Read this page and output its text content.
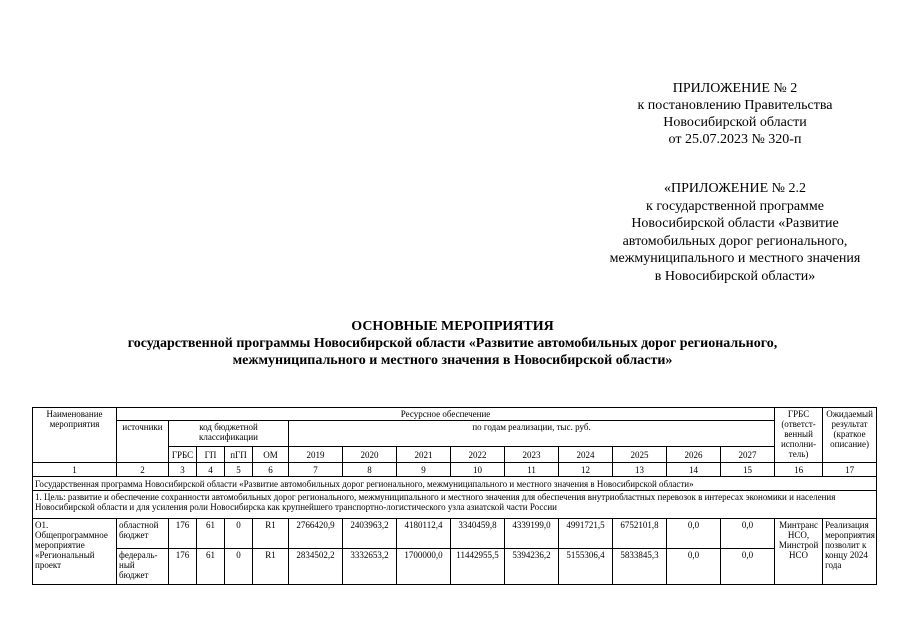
ПРИЛОЖЕНИЕ № 2
к постановлению Правительства
Новосибирской области
от 25.07.2023 № 320-п
«ПРИЛОЖЕНИЕ № 2.2
к государственной программе
Новосибирской области «Развитие
автомобильных дорог регионального,
межмуниципального и местного значения
в Новосибирской области»
ОСНОВНЫЕ МЕРОПРИЯТИЯ
государственной программы Новосибирской области «Развитие автомобильных дорог регионального,
межмуниципального и местного значения в Новосибирской области»
Наименование мероприятия	Ресурсное обеспечение														ГРБС (ответст-венный исполни-тель)	Ожидаемый результат (краткое описание)
	источники	код бюджетной классификации				по годам реализации, тыс. руб.										
		ГРБС	ГП	пГП	ОМ	2019	2020	2021	2022	2023	2024	2025	2026	2027		
1	2	3	4	5	6	7	8	9	10	11	12	13	14	15	16	17
Государственная программа Новосибирской области «Развитие автомобильных дорог регионального, межмуниципального и местного значения в Новосибирской области»																
1. Цель: развитие и обеспечение сохранности автомобильных дорог регионального, межмуниципального и местного значения для обеспечения внутриобластных перевозок в интересах экономики и населения Новосибирской области и для усиления роли Новосибирска как крупнейшего транспортно-логистического узла азиатской части России																
О1. Общепрограммное мероприятие «Региональный проект	областной бюджет	176	61	0	R1	2766420,9	2403963,2	4180112,4	3340459,8	4339199,0	4991721,5	6752101,8	0,0	0,0	Минтранс НСО, Минстрой НСО	Реализация мероприятия позволит к концу 2024 года
	федераль-ный бюджет	176	61	0	R1	2834502,2	3332653,2	1700000,0	11442955,5	5394236,2	5155306,4	5833845,3	0,0	0,0		
